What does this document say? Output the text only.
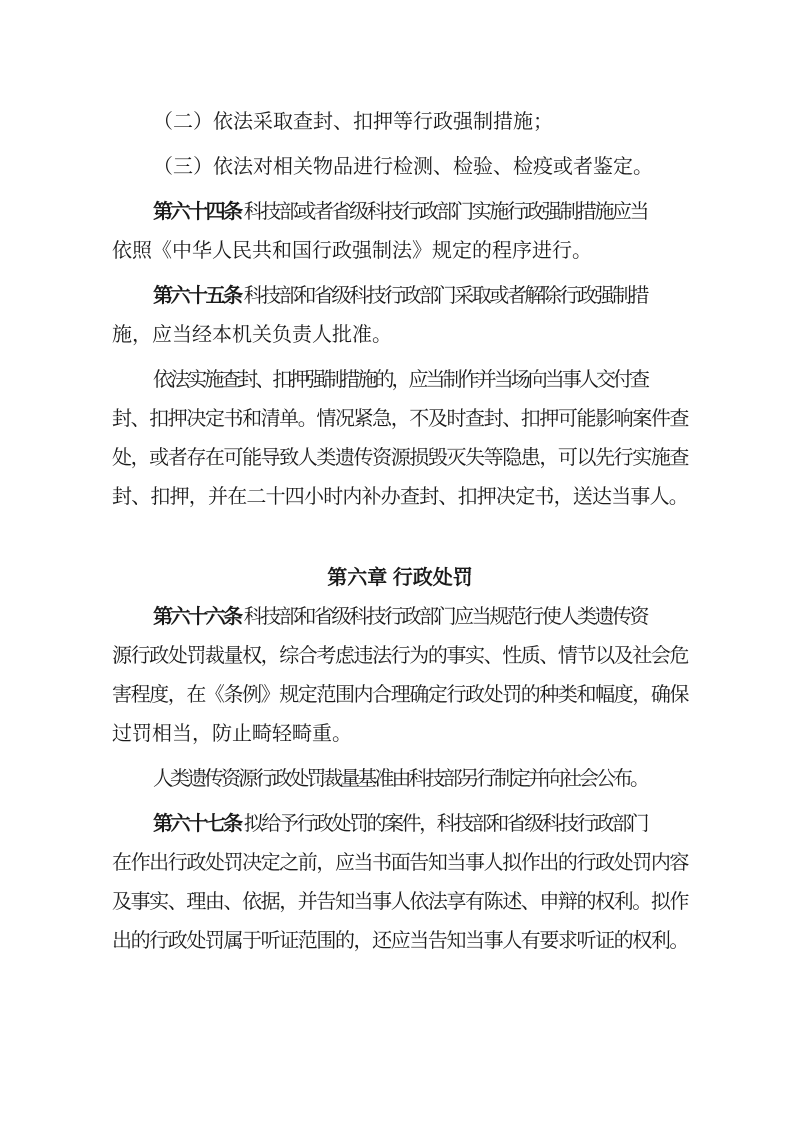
（二）依法采取查封、扣押等行政强制措施；
（三）依法对相关物品进行检测、检验、检疫或者鉴定。
第六十四条 科技部或者省级科技行政部门实施行政强制措施应当
依照《中华人民共和国行政强制法》规定的程序进行。
第六十五条 科技部和省级科技行政部门采取或者解除行政强制措
施，应当经本机关负责人批准。
依法实施查封、扣押强制措施的，应当制作并当场向当事人交付查
封、扣押决定书和清单。情况紧急，不及时查封、扣押可能影响案件查
处，或者存在可能导致人类遗传资源损毁灭失等隐患，可以先行实施查
封、扣押，并在二十四小时内补办查封、扣押决定书，送达当事人。
第六章 行政处罚
第六十六条 科技部和省级科技行政部门应当规范行使人类遗传资
源行政处罚裁量权，综合考虑违法行为的事实、性质、情节以及社会危
害程度，在《条例》规定范围内合理确定行政处罚的种类和幅度，确保
过罚相当，防止畸轻畸重。
人类遗传资源行政处罚裁量基准由科技部另行制定并向社会公布。
第六十七条 拟给予行政处罚的案件，科技部和省级科技行政部门
在作出行政处罚决定之前，应当书面告知当事人拟作出的行政处罚内容
及事实、理由、依据，并告知当事人依法享有陈述、申辩的权利。拟作
出的行政处罚属于听证范围的，还应当告知当事人有要求听证的权利。
